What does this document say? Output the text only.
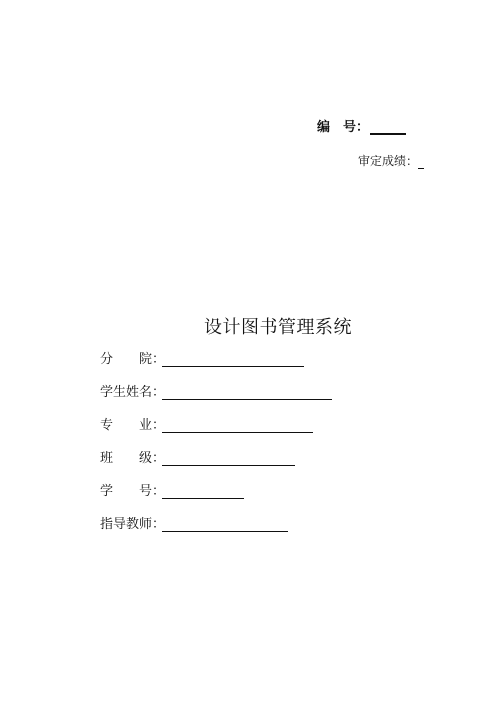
编　号：
审定成绩：
设计图书管理系统
分　　院：
学生姓名：
专　　业：
班　　级：
学　　号：
指导教师：
